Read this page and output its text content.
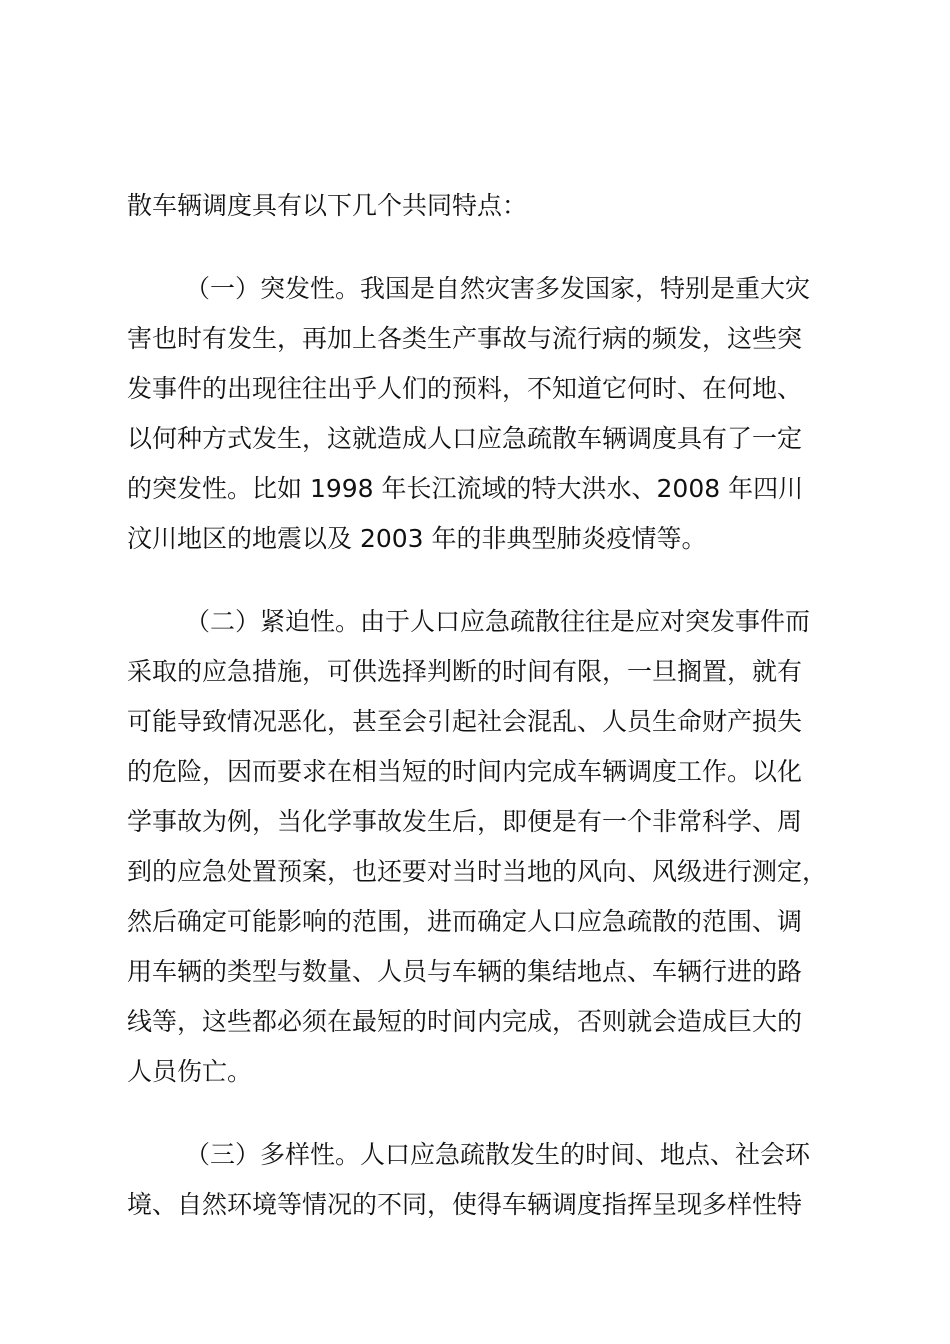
散车辆调度具有以下几个共同特点：
（一）突发性。我国是自然灾害多发国家，特别是重大灾
害也时有发生，再加上各类生产事故与流行病的频发，这些突
发事件的出现往往出乎人们的预料，不知道它何时、在何地、
以何种方式发生，这就造成人口应急疏散车辆调度具有了一定
的突发性。比如 1998 年长江流域的特大洪水、2008 年四川
汶川地区的地震以及 2003 年的非典型肺炎疫情等。
（二）紧迫性。由于人口应急疏散往往是应对突发事件而
采取的应急措施，可供选择判断的时间有限，一旦搁置，就有
可能导致情况恶化，甚至会引起社会混乱、人员生命财产损失
的危险，因而要求在相当短的时间内完成车辆调度工作。以化
学事故为例，当化学事故发生后，即便是有一个非常科学、周
到的应急处置预案，也还要对当时当地的风向、风级进行测定，
然后确定可能影响的范围，进而确定人口应急疏散的范围、调
用车辆的类型与数量、人员与车辆的集结地点、车辆行进的路
线等，这些都必须在最短的时间内完成，否则就会造成巨大的
人员伤亡。
（三）多样性。人口应急疏散发生的时间、地点、社会环
境、自然环境等情况的不同，使得车辆调度指挥呈现多样性特
